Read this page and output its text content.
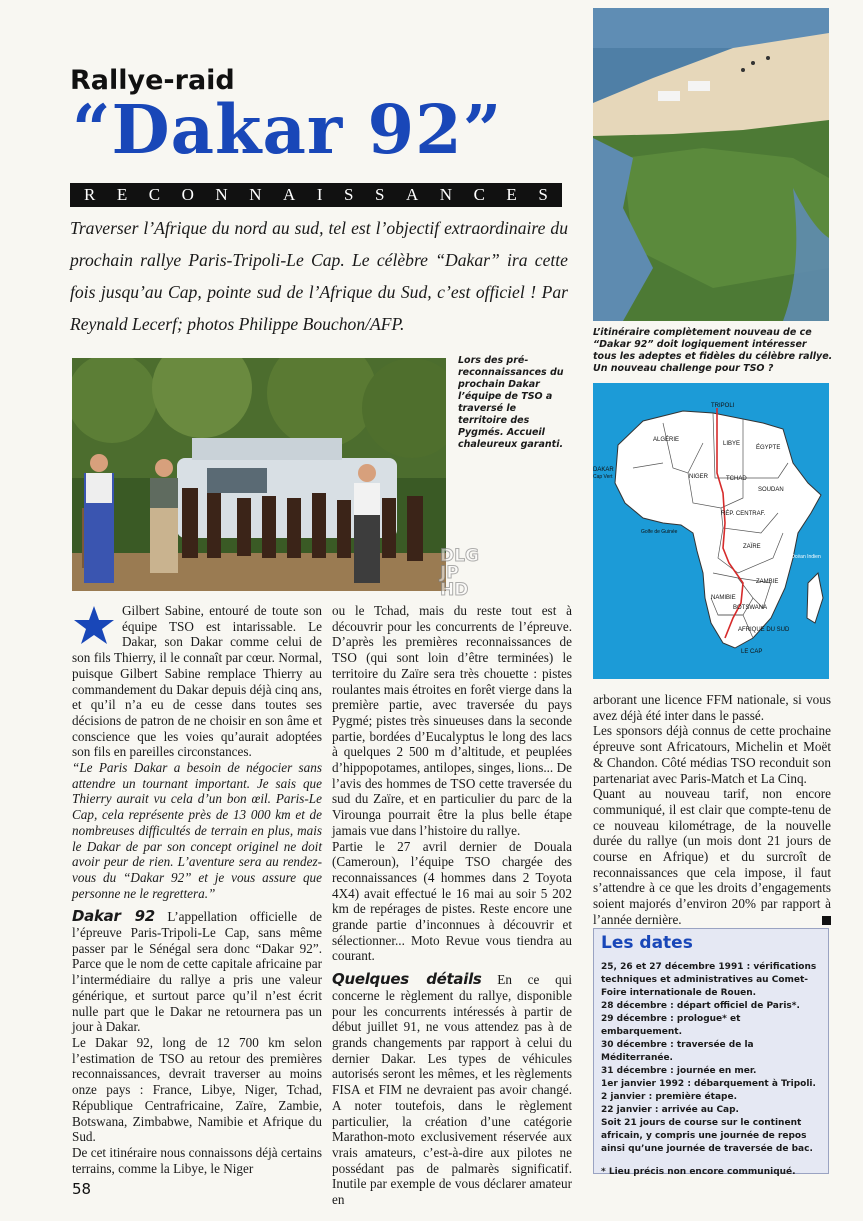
Rallye-raid
“Dakar 92”
R E C O N N A I S S A N C E S
Traverser l’Afrique du nord au sud, tel est l’objectif extraordinaire du prochain rallye Paris-Tripoli-Le Cap. Le célèbre “Dakar” ira cette fois jusqu’au Cap, pointe sud de l’Afrique du Sud, c’est officiel ! Par Reynald Lecerf; photos Philippe Bouchon/AFP.	L’itinéraire complètement nouveau de ce “Dakar 92” doit logiquement intéresser tous les adeptes et fidèles du célèbre rallye. Un nouveau challenge pour TSO ?
DLG JP HD
Lors des pré-reconnaissances du prochain Dakar l’équipe de TSO a traversé le territoire des Pygmés. Accueil chaleureux garanti.
TRIPOLI
ALGÉRIE
LIBYE
ÉGYPTE
DAKAR
Cap Vert	NIGER	TCHAD
SOUDAN
RÉP. CENTRAF.
Golfe de Guinée
ZAÏRE
Océan Indien
ZAMBIE
NAMIBIE
BOTSWANA
AFRIQUE DU SUD
LE CAP

Gilbert Sabine, entouré de toute son équipe TSO est intarissable. Le Dakar, son Dakar comme celui de son fils Thierry, il le connaît par cœur. Normal, puisque Gilbert Sabine remplace Thierry au commandement du Dakar depuis déjà cinq ans, et qu’il n’a eu de cesse dans toutes ses décisions de patron de ne choisir en son âme et conscience que les voies qu’aurait adoptées son fils en pareilles circonstances.

“Le Paris Dakar a besoin de négocier sans attendre un tournant important. Je sais que Thierry aurait vu cela d’un bon œil. Paris-Le Cap, cela représente près de 13 000 km et de nombreuses difficultés de terrain en plus, mais le Dakar de par son concept originel ne doit avoir peur de rien. L’aventure sera au rendez-vous du “Dakar 92” et je vous assure que personne ne le regrettera.”

Dakar 92 L’appellation officielle de l’épreuve Paris-Tripoli-Le Cap, sans même passer par le Sénégal sera donc “Dakar 92”. Parce que le nom de cette capitale africaine par l’intermédiaire du rallye a pris une valeur générique, et surtout parce qu’il n’est écrit nulle part que le Dakar ne retournera pas un jour à Dakar.

Le Dakar 92, long de 12 700 km selon l’estimation de TSO au retour des premières reconnaissances, devrait traverser au moins onze pays : France, Libye, Niger, Tchad, République Centrafricaine, Zaïre, Zambie, Botswana, Zimbabwe, Namibie et Afrique du Sud.

De cet itinéraire nous connaissons déjà certains terrains, comme la Libye, le Niger

ou le Tchad, mais du reste tout est à découvrir pour les concurrents de l’épreuve. D’après les premières reconnaissances de TSO (qui sont loin d’être terminées) le territoire du Zaïre sera très chouette : pistes roulantes mais étroites en forêt vierge dans la première partie, avec traversée du pays Pygmé; pistes très sinueuses dans la seconde partie, bordées d’Eucalyptus le long des lacs à quelques 2 500 m d’altitude, et peuplées d’hippopotames, antilopes, singes, lions... De l’avis des hommes de TSO cette traversée du sud du Zaïre, et en particulier du parc de la Virounga pourrait être la plus belle étape jamais vue dans l’histoire du rallye.

Partie le 27 avril dernier de Douala (Cameroun), l’équipe TSO chargée des reconnaissances (4 hommes dans 2 Toyota 4X4) avait effectué le 16 mai au soir 5 202 km de repérages de pistes. Reste encore une grande partie d’inconnues à découvrir et sélectionner... Moto Revue vous tiendra au courant.

Quelques détails En ce qui concerne le règlement du rallye, disponible pour les concurrents intéressés à partir de début juillet 91, ne vous attendez pas à de grands changements par rapport à celui du dernier Dakar. Les types de véhicules autorisés seront les mêmes, et les règlements FISA et FIM ne devraient pas avoir changé. A noter toutefois, dans le règlement particulier, la création d’une catégorie Marathon-moto exclusivement réservée aux vrais amateurs, c’est-à-dire aux pilotes ne possédant pas de palmarès significatif. Inutile par exemple de vous déclarer amateur en

arborant une licence FFM nationale, si vous avez déjà été inter dans le passé.

Les sponsors déjà connus de cette prochaine épreuve sont Africatours, Michelin et Moët & Chandon. Côté médias TSO reconduit son partenariat avec Paris-Match et La Cinq.

Quant au nouveau tarif, non encore communiqué, il est clair que compte-tenu de ce nouveau kilométrage, de la nouvelle durée du rallye (un mois dont 21 jours de course en Afrique) et du surcroît de reconnaissances que cela impose, il faut s’attendre à ce que les droits d’engagements soient majorés d’environ 20% par rapport à l’année dernière.

Les dates

25, 26 et 27 décembre 1991 : vérifications techniques et administratives au Comet-Foire internationale de Rouen.

28 décembre : départ officiel de Paris*.

29 décembre : prologue* et embarquement.

30 décembre : traversée de la Méditerranée.

31 décembre : journée en mer.

1er janvier 1992 : débarquement à Tripoli.

2 janvier : première étape.

22 janvier : arrivée au Cap.

Soit 21 jours de course sur le continent africain, y compris une journée de repos ainsi qu’une journée de traversée de bac.

* Lieu précis non encore communiqué.

58
